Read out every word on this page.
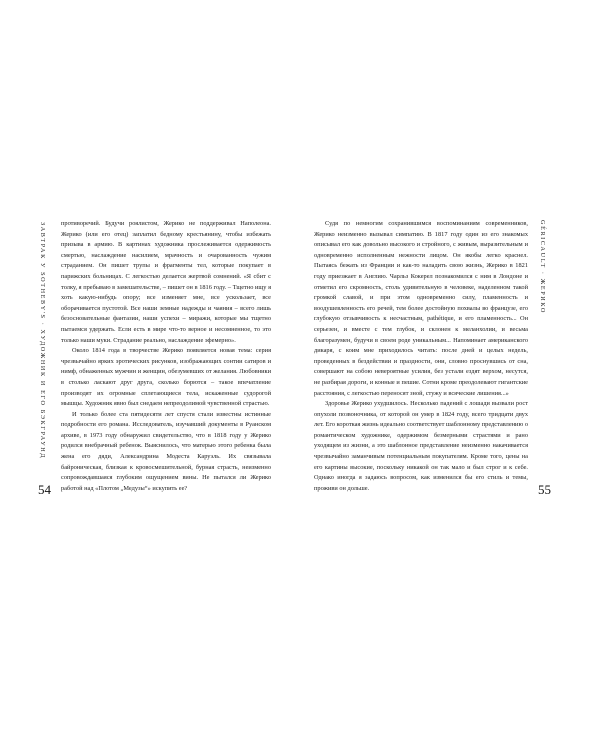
ЗАВТРАК У SOTHEBY'S · ХУДОЖНИК И ЕГО БЭКГРАУНД противоречий. Будучи роялистом, Жерико не поддерживал Наполеона. Жерико (или его отец) заплатил бедному крестьянину, чтобы избежать призыва в армию. В картинах художника прослеживается одержимость смертью, наслаждение насилием, мрачность и очарованность чужим страданием. Он пишет трупы и фрагменты тел, которые покупает в парижских больницах. С легкостью делается жертвой сомнений. «Я сбит с толку, я пребываю в замешательстве, – пишет он в 1816 году. – Тщетно ищу я хоть какую-нибудь опору; все изменяет мне, все ускользает, все оборачивается пустотой. Все наши земные надежды и чаяния – всего лишь безосновательные фантазии, наши успехи – миражи, которые мы тщетно пытаемся удержать. Если есть в мире что-то верное и несомненное, то это только наши муки. Страдание реально, наслаждение эфемерно».

Около 1814 года в творчестве Жерико появляется новая тема: серия чрезвычайно ярких эротических рисунков, изображающих сонтии сатиров и нимф, обнаженных мужчин и женщин, обезумевших от желания. Любовники в столько ласкают друг друга, сколько борются – такое впечатление производят их огромные сплетающиеся тела, искаженные судорогой мышцы. Художник явно был снедаем непреодолимой чувственной страстью.

И только более ста пятидесяти лет спустя стали известны истинные подробности его романа. Исследователь, изучавший документы в Руанском архиве, в 1973 году обнаружил свидетельство, что в 1818 году у Жерико родился внебрачный ребенок. Выяснилось, что матерью этого ребенка была жена его дяди, Александрина Модеста Каруэль. Их связывала байроническая, близкая к кровосмешительной, бурная страсть, неизменно сопровождавшаяся глубоким ощущением вины. Не пытался ли Жерико работой над «Плотом „Медузы“» искупить ее?

54
GÉRICAULT · ЖЕРИКО

Судя по немногим сохранившимся воспоминаниям современников, Жерико неизменно вызывал симпатию. В 1817 году один из его знакомых описывал его как довольно высокого и стройного, с живым, выразительным и одновременно исполненным нежности лицом. Он якобы легко краснел. Пытаясь бежать из Франции и как-то наладить свою жизнь, Жерико в 1821 году приезжает в Англию. Чарльз Кокерел познакомился с ним в Лондоне и отметил его скромность, столь удивительную в человеке, наделенном такой громкой славой, и при этом одновременно силу, пламенность и воодушевленность его речей, тем более достойную похвалы во французе, его глубокую отзывчивость к несчастным, pathétique, и его пламенность... Он серьезен, и вместе с тем глубок, и склонен к меланхолии, и весьма благоразумен, будучи в своем роде уникальным... Напоминает американского дикаря, с коим мне приходилось читать: после дней и целых недель, проведенных в бездействии и праздности, они, словно проснувшись от сна, совершают на собою невероятные усилия, без устали ездят верхом, несутся, не разбирая дороги, и конные и пешие. Сотни кроме преодолевают гигантские расстояния, с легкостью переносят зной, стужу и всяческие лишения...»

Здоровье Жерико ухудшилось. Несколько падений с лошади вызвали рост опухоли позвоночника, от которой он умер в 1824 году, всего тридцати двух лет. Его короткая жизнь идеально соответствует шаблонному представлению о романтическом художнике, одержимом безмерными страстями и рано уходящем из жизни, а это шаблонное представление неизменно накачивается чрезвычайно заманчивым потенциальным покупателям. Кроме того, цены на его картины высокие, поскольку никакой он так мало и был строг и к себе. Однако иногда я задаюсь вопросом, как изменился бы его стиль и темы, проживи он дольше.	55
